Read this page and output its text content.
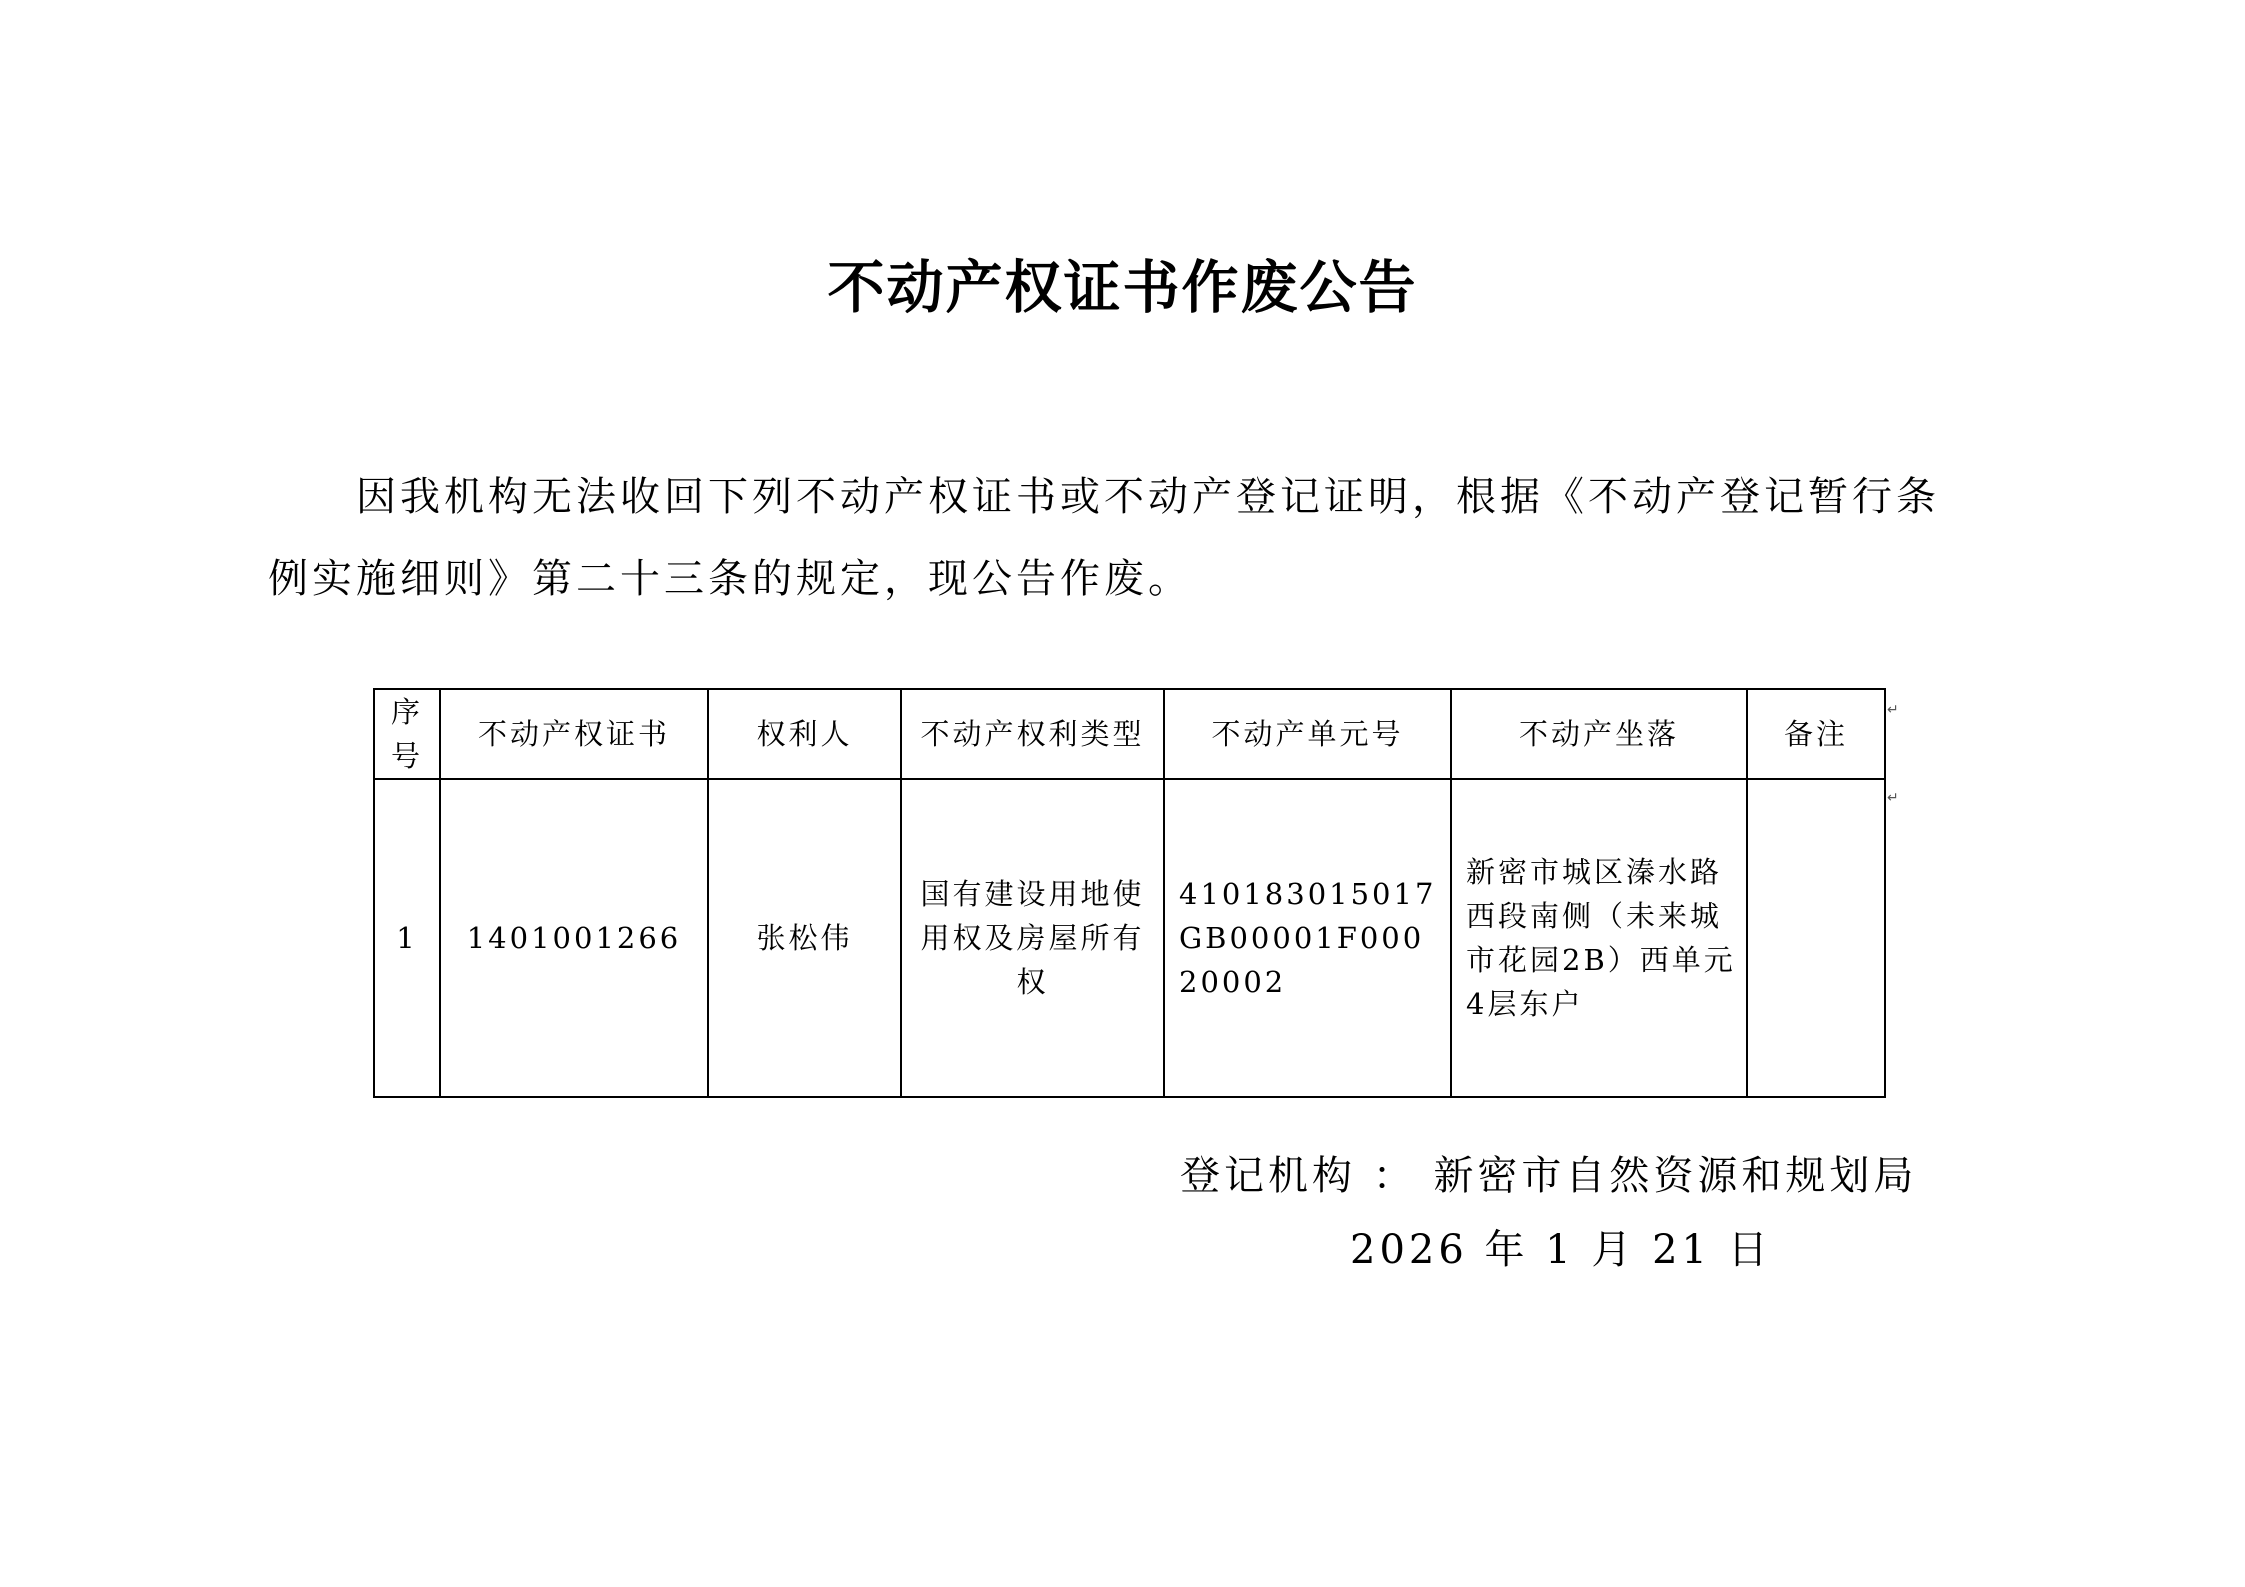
不动产权证书作废公告
因我机构无法收回下列不动产权证书或不动产登记证明，根据《不动产登记暂行条例实施细则》第二十三条的规定，现公告作废。
序号	不动产权证书	权利人	不动产权利类型	不动产单元号	不动产坐落	备注
1	1401001266	张松伟	国有建设用地使用权及房屋所有权	410183015017GB00001F00020002	新密市城区溱水路西段南侧（未来城市花园2B）西单元4层东户	
↵
↵
登记机构 ： 新密市自然资源和规划局
2026 年 1 月 21 日
